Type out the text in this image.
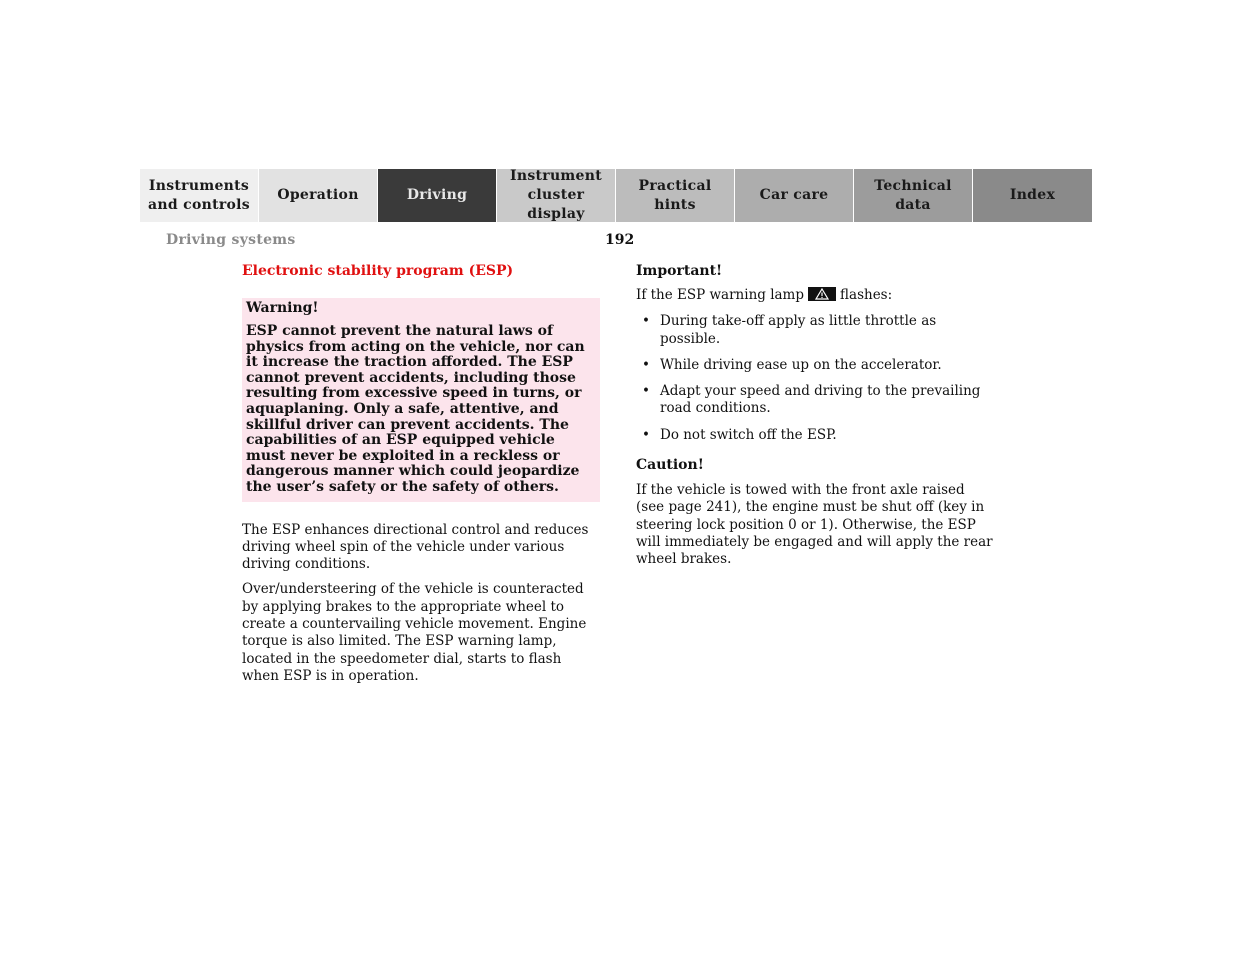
Instruments
and controls
Operation	Driving
Instrument
cluster display
Practical hints
Car care
Technical
data
Index
Driving systems	192
Electronic stability program (ESP)
Warning!

ESP cannot prevent the natural laws of physics from acting on the vehicle, nor can it increase the traction afforded. The ESP cannot prevent accidents, including those resulting from excessive speed in turns, or aquaplaning. Only a safe, attentive, and skillful driver can prevent accidents. The capabilities of an ESP equipped vehicle must never be exploited in a reckless or dangerous manner which could jeopardize the user’s safety or the safety of others.

The ESP enhances directional control and reduces driving wheel spin of the vehicle under various driving conditions.

Over/understeering of the vehicle is counteracted by applying brakes to the appropriate wheel to create a countervailing vehicle movement. Engine torque is also limited. The ESP warning lamp, located in the speedometer dial, starts to flash when ESP is in operation.

Important!

If the ESP warning lamp	flashes:

• During take-off apply as little throttle as possible.
• While driving ease up on the accelerator.
• Adapt your speed and driving to the prevailing road conditions.
• Do not switch off the ESP.
Caution!

If the vehicle is towed with the front axle raised (see page 241), the engine must be shut off (key in steering lock position 0 or 1). Otherwise, the ESP will immediately be engaged and will apply the rear wheel brakes.
